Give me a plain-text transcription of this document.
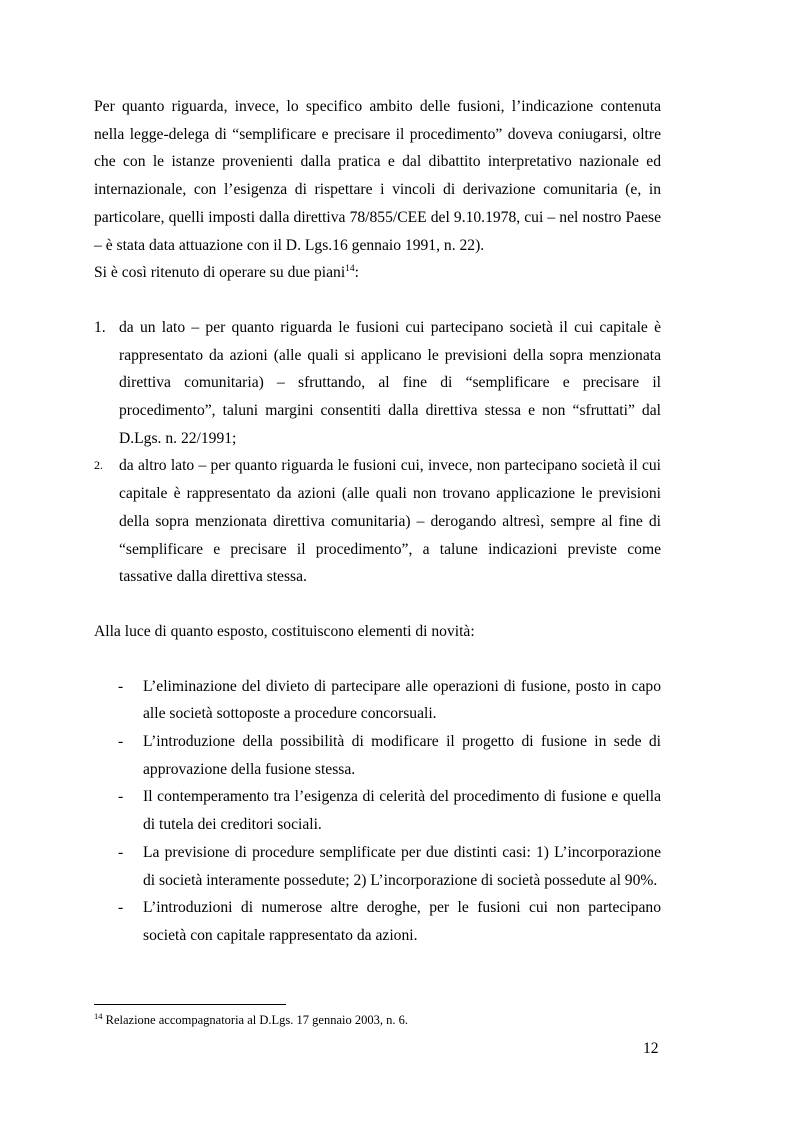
Per quanto riguarda, invece, lo specifico ambito delle fusioni, l’indicazione contenuta nella legge-delega di “semplificare e precisare il procedimento” doveva coniugarsi, oltre che con le istanze provenienti dalla pratica e dal dibattito interpretativo nazionale ed internazionale, con l’esigenza di rispettare i vincoli di derivazione comunitaria (e, in particolare, quelli imposti dalla direttiva 78/855/CEE del 9.10.1978, cui – nel nostro Paese – è stata data attuazione con il D. Lgs.16 gennaio 1991, n. 22).

Si è così ritenuto di operare su due piani$^{14}$:

1. da un lato – per quanto riguarda le fusioni cui partecipano società il cui capitale è rappresentato da azioni (alle quali si applicano le previsioni della sopra menzionata direttiva comunitaria) – sfruttando, al fine di “semplificare e precisare il procedimento”, taluni margini consentiti dalla direttiva stessa e non “sfruttati” dal D.Lgs. n. 22/1991;
2. da altro lato – per quanto riguarda le fusioni cui, invece, non partecipano società il cui capitale è rappresentato da azioni (alle quali non trovano applicazione le previsioni della sopra menzionata direttiva comunitaria) – derogando altresì, sempre al fine di “semplificare e precisare il procedimento”, a talune indicazioni previste come tassative dalla direttiva stessa.

Alla luce di quanto esposto, costituiscono elementi di novità:

- L’eliminazione del divieto di partecipare alle operazioni di fusione, posto in capo alle società sottoposte a procedure concorsuali.
- L’introduzione della possibilità di modificare il progetto di fusione in sede di approvazione della fusione stessa.
- Il contemperamento tra l’esigenza di celerità del procedimento di fusione e quella di tutela dei creditori sociali.
- La previsione di procedure semplificate per due distinti casi: 1) L’incorporazione di società interamente possedute; 2) L’incorporazione di società possedute al 90%.
- L’introduzioni di numerose altre deroghe, per le fusioni cui non partecipano società con capitale rappresentato da azioni.
$^{14}$ Relazione accompagnatoria al D.Lgs. 17 gennaio 2003, n. 6.
12
